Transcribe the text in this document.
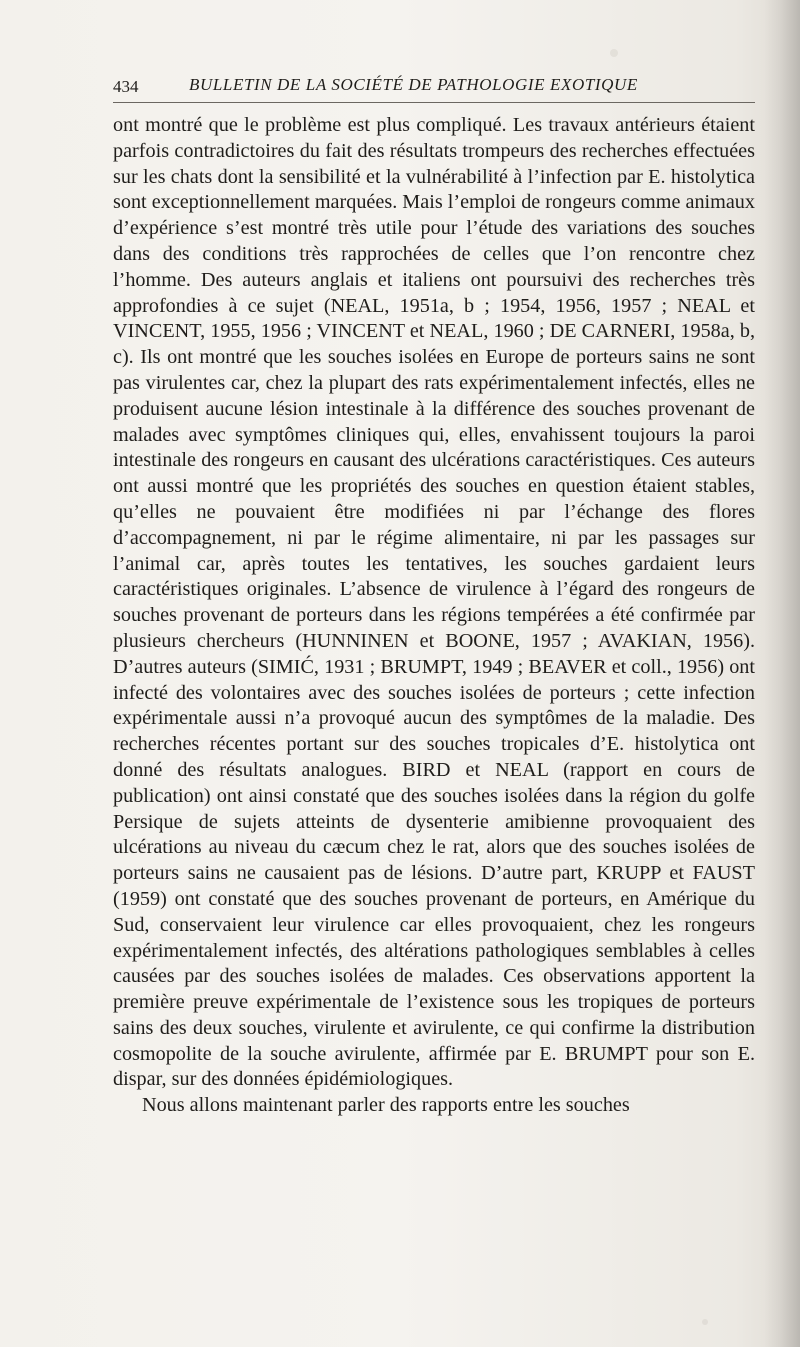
434	BULLETIN DE LA SOCIÉTÉ DE PATHOLOGIE EXOTIQUE

ont montré que le problème est plus compliqué. Les travaux antérieurs étaient parfois contradictoires du fait des résultats trompeurs des recherches effectuées sur les chats dont la sensibilité et la vulnérabilité à l’infection par E. histolytica sont exceptionnellement marquées. Mais l’emploi de rongeurs comme animaux d’expérience s’est montré très utile pour l’étude des variations des souches dans des conditions très rapprochées de celles que l’on rencontre chez l’homme. Des auteurs anglais et italiens ont poursuivi des recherches très approfondies à ce sujet (NEAL, 1951a, b ; 1954, 1956, 1957 ; NEAL et VINCENT, 1955, 1956 ; VINCENT et NEAL, 1960 ; DE CARNERI, 1958a, b, c). Ils ont montré que les souches isolées en Europe de porteurs sains ne sont pas virulentes car, chez la plupart des rats expérimentalement infectés, elles ne produisent aucune lésion intestinale à la différence des souches provenant de malades avec symptômes cliniques qui, elles, envahissent toujours la paroi intestinale des rongeurs en causant des ulcérations caractéristiques. Ces auteurs ont aussi montré que les propriétés des souches en question étaient stables, qu’elles ne pouvaient être modifiées ni par l’échange des flores d’accompagnement, ni par le régime alimentaire, ni par les passages sur l’animal car, après toutes les tentatives, les souches gardaient leurs caractéristiques originales. L’absence de virulence à l’égard des rongeurs de souches provenant de porteurs dans les régions tempérées a été confirmée par plusieurs chercheurs (HUNNINEN et BOONE, 1957 ; AVAKIAN, 1956). D’autres auteurs (SIMIĆ, 1931 ; BRUMPT, 1949 ; BEAVER et coll., 1956) ont infecté des volontaires avec des souches isolées de porteurs ; cette infection expérimentale aussi n’a provoqué aucun des symptômes de la maladie. Des recherches récentes portant sur des souches tropicales d’E. histolytica ont donné des résultats analogues. BIRD et NEAL (rapport en cours de publication) ont ainsi constaté que des souches isolées dans la région du golfe Persique de sujets atteints de dysenterie amibienne provoquaient des ulcérations au niveau du cæcum chez le rat, alors que des souches isolées de porteurs sains ne causaient pas de lésions. D’autre part, KRUPP et FAUST (1959) ont constaté que des souches provenant de porteurs, en Amérique du Sud, conservaient leur virulence car elles provoquaient, chez les rongeurs expérimentalement infectés, des altérations pathologiques semblables à celles causées par des souches isolées de malades. Ces observations apportent la première preuve expérimentale de l’existence sous les tropiques de porteurs sains des deux souches, virulente et avirulente, ce qui confirme la distribution cosmopolite de la souche avirulente, affirmée par E. BRUMPT pour son E. dispar, sur des données épidémiologiques.

Nous allons maintenant parler des rapports entre les souches
